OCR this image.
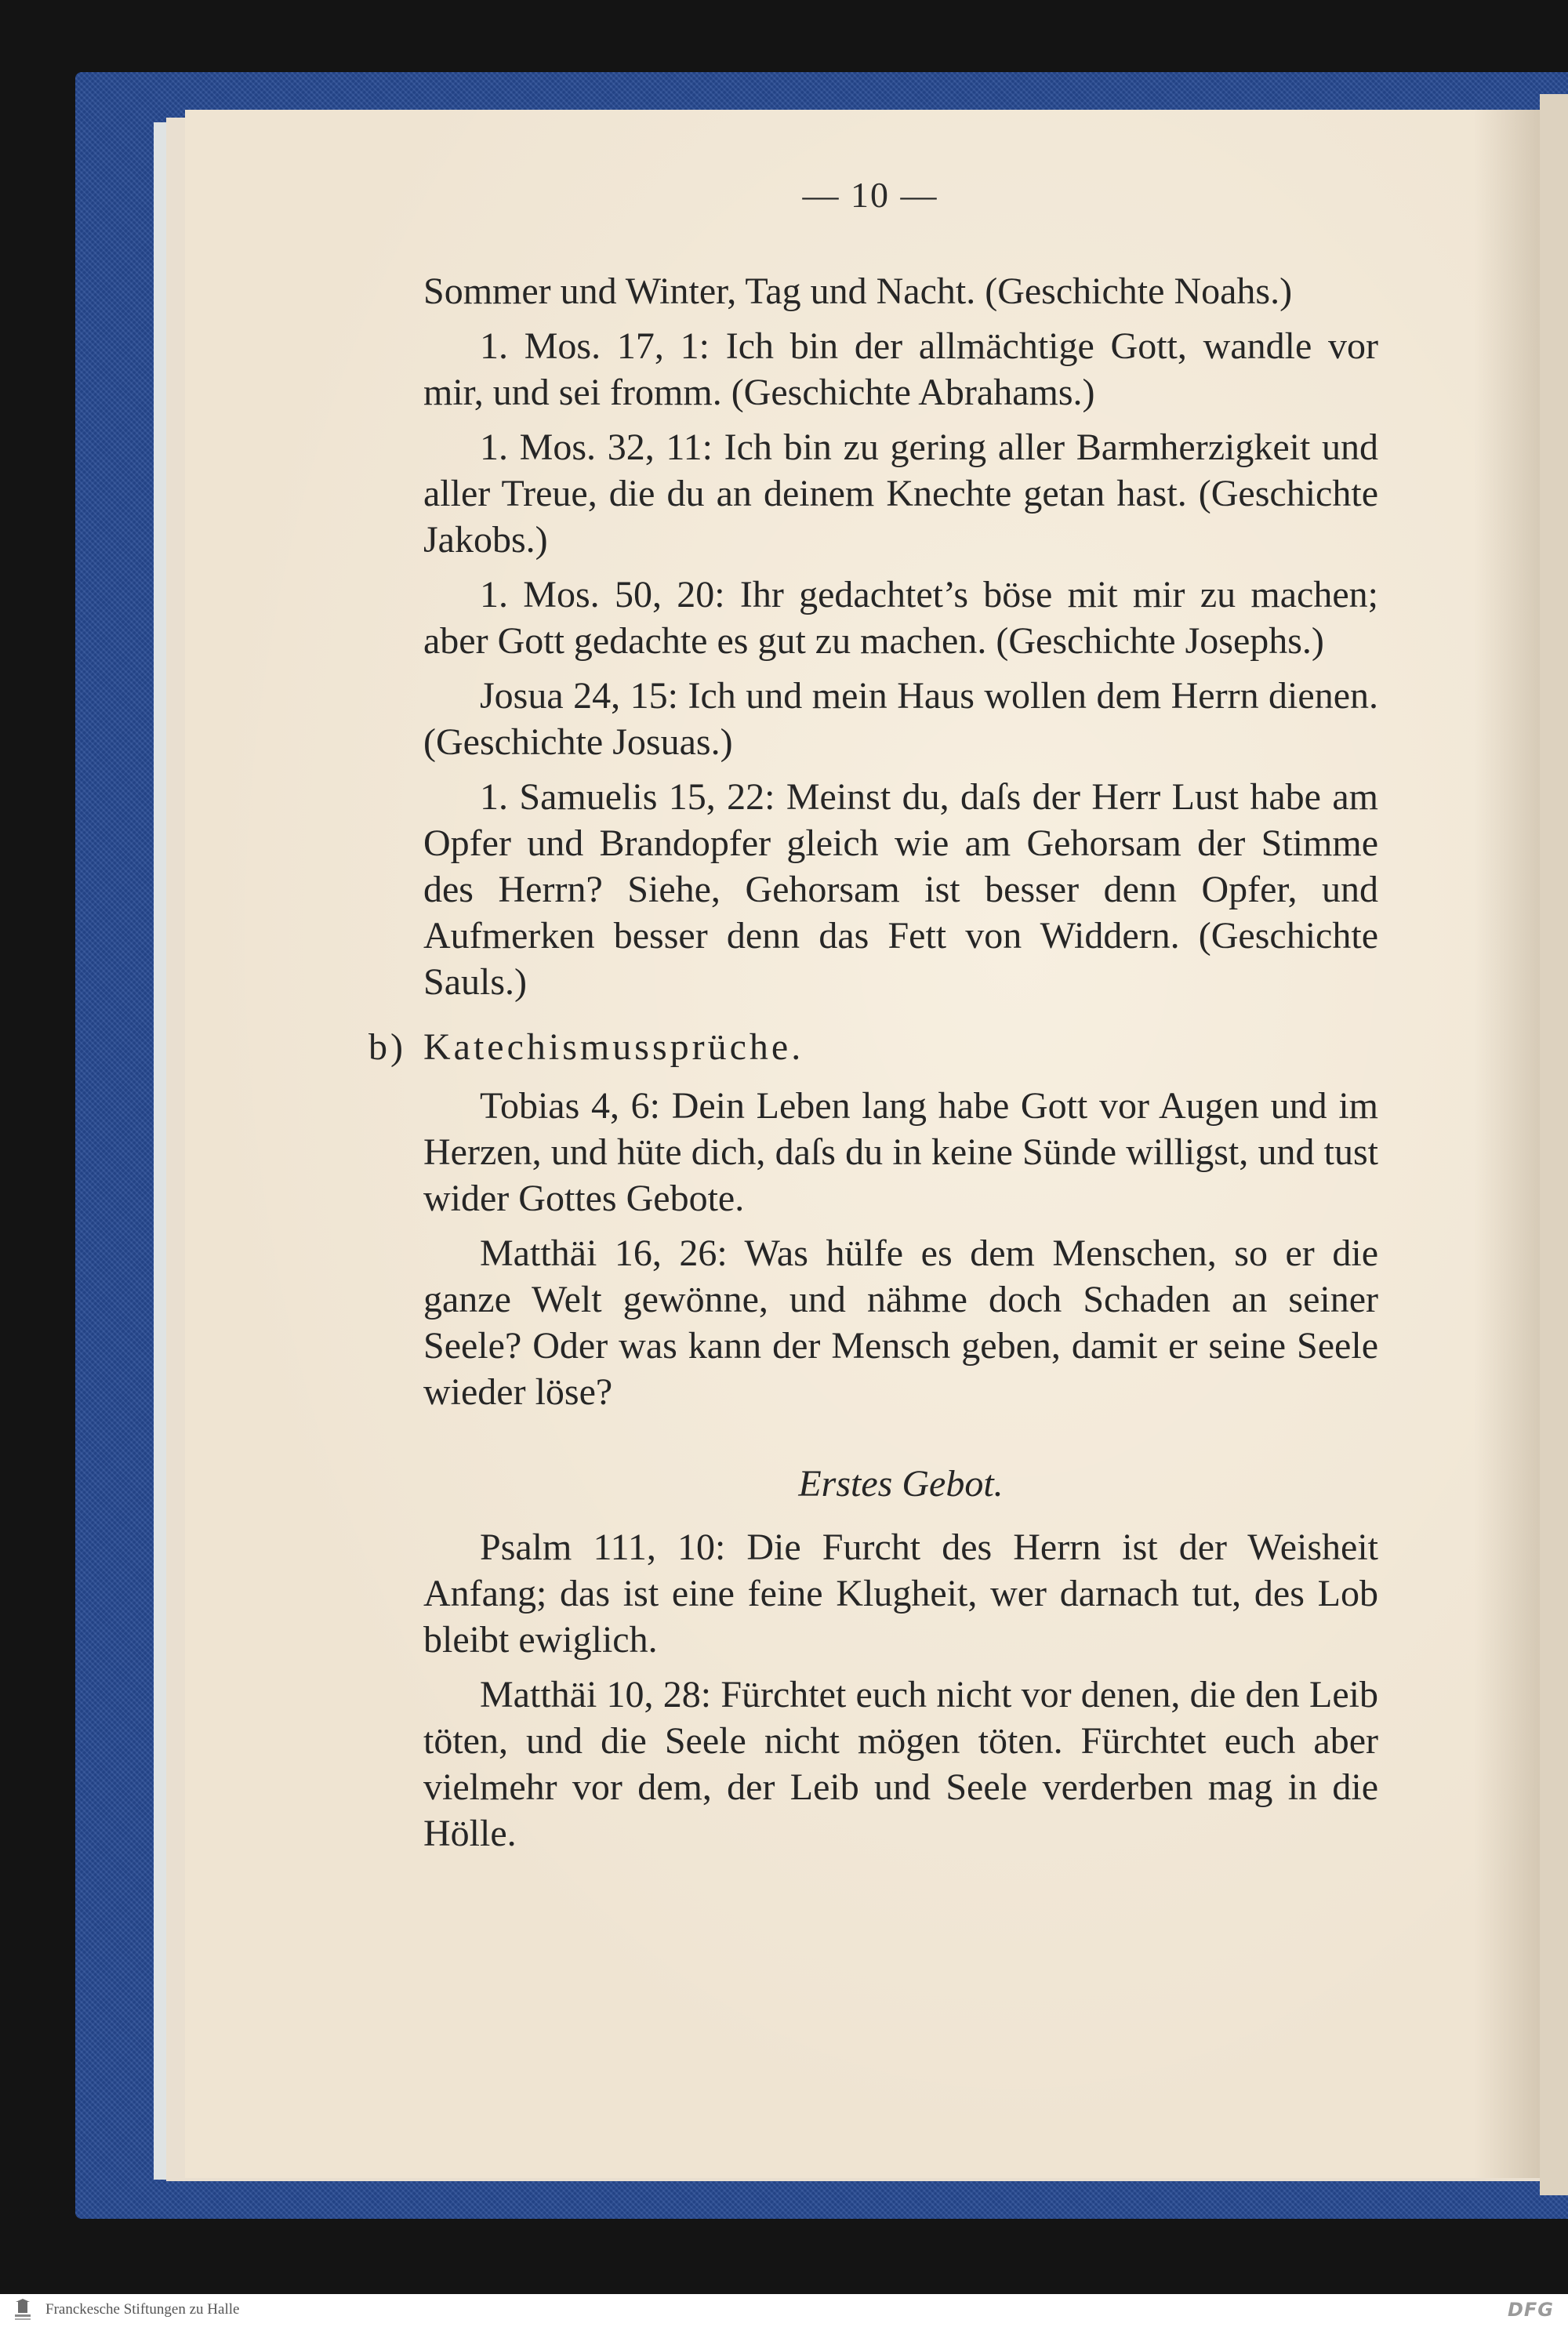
— 10 —

Sommer und Winter, Tag und Nacht. (Geschichte Noahs.)

1. Mos. 17, 1: Ich bin der allmächtige Gott, wandle vor mir, und sei fromm. (Geschichte Abrahams.)

1. Mos. 32, 11: Ich bin zu gering aller Barmherzigkeit und aller Treue, die du an deinem Knechte getan hast. (Geschichte Jakobs.)

1. Mos. 50, 20: Ihr gedachtet’s böse mit mir zu machen; aber Gott gedachte es gut zu machen. (Geschichte Josephs.)

Josua 24, 15: Ich und mein Haus wollen dem Herrn dienen. (Geschichte Josuas.)

1. Samuelis 15, 22: Meinst du, daſs der Herr Lust habe am Opfer und Brandopfer gleich wie am Gehorsam der Stimme des Herrn? Siehe, Gehorsam ist besser denn Opfer, und Aufmerken besser denn das Fett von Widdern. (Geschichte Sauls.)

b) Katechismussprüche.

Tobias 4, 6: Dein Leben lang habe Gott vor Augen und im Herzen, und hüte dich, daſs du in keine Sünde willigst, und tust wider Gottes Gebote.

Matthäi 16, 26: Was hülfe es dem Menschen, so er die ganze Welt gewönne, und nähme doch Schaden an seiner Seele? Oder was kann der Mensch geben, damit er seine Seele wieder löse?

Erstes Gebot.

Psalm 111, 10: Die Furcht des Herrn ist der Weisheit Anfang; das ist eine feine Klugheit, wer darnach tut, des Lob bleibt ewiglich.

Matthäi 10, 28: Fürchtet euch nicht vor denen, die den Leib töten, und die Seele nicht mögen töten. Fürchtet euch aber vielmehr vor dem, der Leib und Seele verderben mag in die Hölle.

Franckesche Stiftungen zu Halle	DFG
